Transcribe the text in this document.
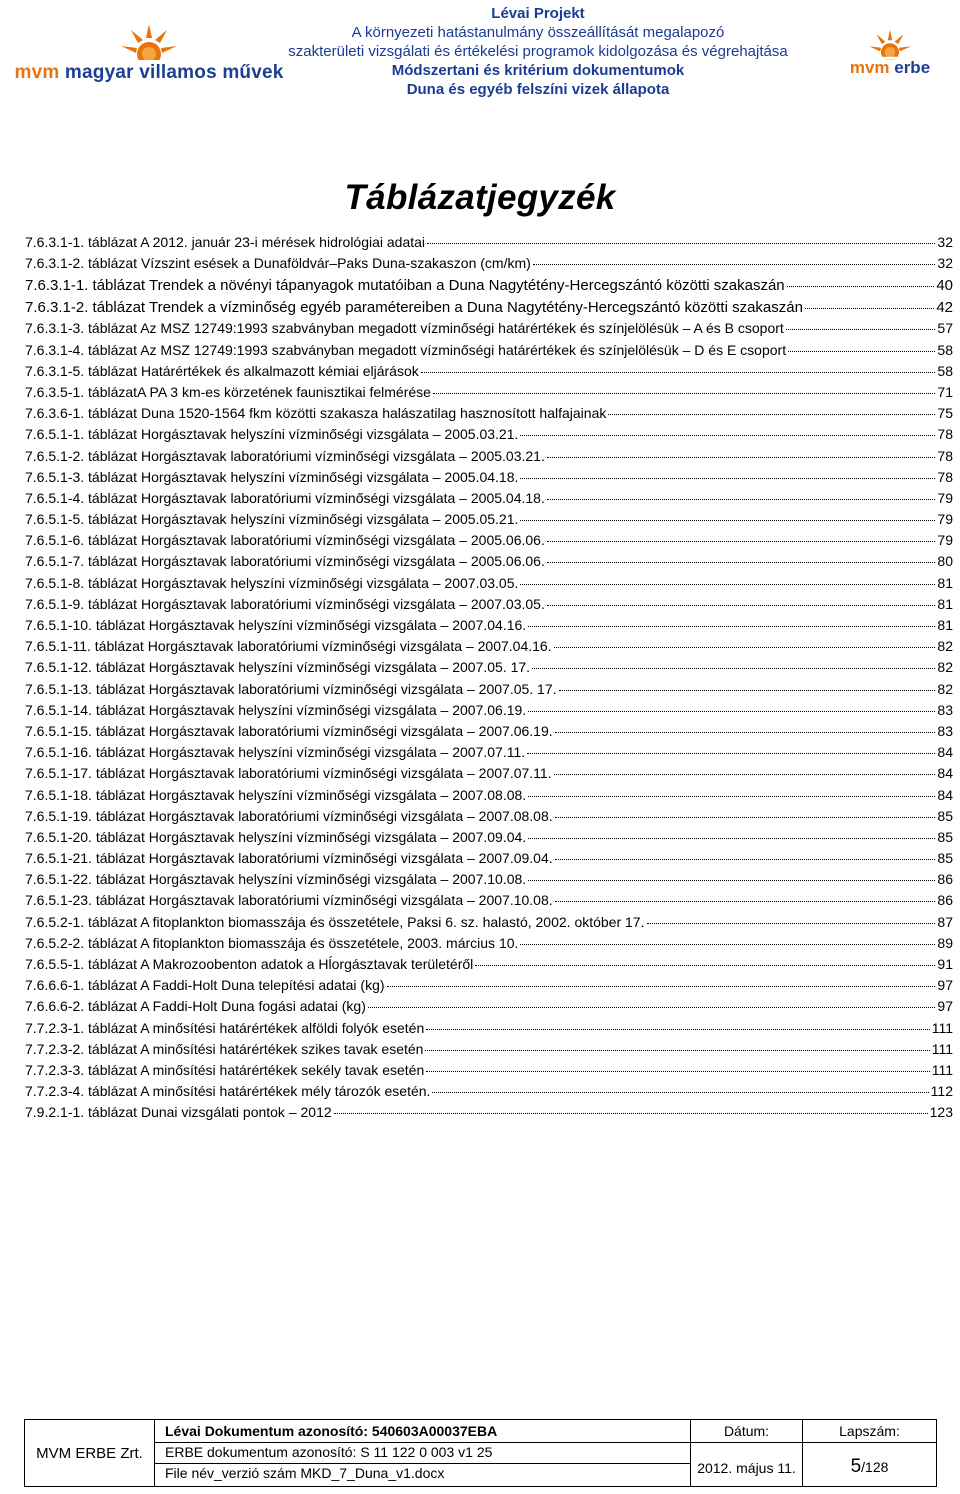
mvm magyar villamos művek
Lévai Projekt
A környezeti hatástanulmány összeállítását megalapozó
szakterületi vizsgálati és értékelési programok kidolgozása és végrehajtása
Módszertani és kritérium dokumentumok
Duna és egyéb felszíni vizek állapota
mvm erbe
Táblázatjegyzék
7.6.3.1-1. táblázat A 2012. január 23-i mérések hidrológiai adatai	32
7.6.3.1-2. táblázat Vízszint esések a Dunaföldvár–Paks Duna-szakaszon (cm/km)	32
7.6.3.1-1. táblázat Trendek a növényi tápanyagok mutatóiban a Duna Nagytétény-Hercegszántó közötti szakaszán	40
7.6.3.1-2. táblázat Trendek a vízminőség egyéb paramétereiben a Duna Nagytétény-Hercegszántó közötti szakaszán	42
7.6.3.1-3. táblázat Az MSZ 12749:1993 szabványban megadott vízminőségi határértékek és színjelölésük – A és B csoport	57
7.6.3.1-4. táblázat Az MSZ 12749:1993 szabványban megadott vízminőségi határértékek és színjelölésük – D és E csoport	58
7.6.3.1-5. táblázat Határértékek és alkalmazott kémiai eljárások	58
7.6.3.5-1. táblázatA PA 3 km-es körzetének faunisztikai felmérése	71
7.6.3.6-1. táblázat Duna 1520-1564 fkm közötti szakasza halászatilag hasznosított halfajainak	75
7.6.5.1-1. táblázat Horgásztavak helyszíni vízminőségi vizsgálata – 2005.03.21.	78
7.6.5.1-2. táblázat Horgásztavak laboratóriumi vízminőségi vizsgálata – 2005.03.21.	78
7.6.5.1-3. táblázat Horgásztavak helyszíni vízminőségi vizsgálata – 2005.04.18.	78
7.6.5.1-4. táblázat Horgásztavak laboratóriumi vízminőségi vizsgálata – 2005.04.18.	79
7.6.5.1-5. táblázat Horgásztavak helyszíni vízminőségi vizsgálata – 2005.05.21.	79
7.6.5.1-6. táblázat Horgásztavak laboratóriumi vízminőségi vizsgálata – 2005.06.06.	79
7.6.5.1-7. táblázat Horgásztavak laboratóriumi vízminőségi vizsgálata – 2005.06.06.	80
7.6.5.1-8. táblázat Horgásztavak helyszíni vízminőségi vizsgálata – 2007.03.05.	81
7.6.5.1-9. táblázat Horgásztavak laboratóriumi vízminőségi vizsgálata – 2007.03.05.	81
7.6.5.1-10. táblázat Horgásztavak helyszíni vízminőségi vizsgálata – 2007.04.16.	81
7.6.5.1-11. táblázat Horgásztavak laboratóriumi vízminőségi vizsgálata – 2007.04.16.	82
7.6.5.1-12. táblázat Horgásztavak helyszíni vízminőségi vizsgálata – 2007.05. 17.	82
7.6.5.1-13. táblázat Horgásztavak laboratóriumi vízminőségi vizsgálata – 2007.05. 17.	82
7.6.5.1-14. táblázat Horgásztavak helyszíni vízminőségi vizsgálata – 2007.06.19.	83
7.6.5.1-15. táblázat Horgásztavak laboratóriumi vízminőségi vizsgálata – 2007.06.19.	83
7.6.5.1-16. táblázat Horgásztavak helyszíni vízminőségi vizsgálata – 2007.07.11.	84
7.6.5.1-17. táblázat Horgásztavak laboratóriumi vízminőségi vizsgálata – 2007.07.11.	84
7.6.5.1-18. táblázat Horgásztavak helyszíni vízminőségi vizsgálata – 2007.08.08.	84
7.6.5.1-19. táblázat Horgásztavak laboratóriumi vízminőségi vizsgálata – 2007.08.08.	85
7.6.5.1-20. táblázat Horgásztavak helyszíni vízminőségi vizsgálata – 2007.09.04.	85
7.6.5.1-21. táblázat Horgásztavak laboratóriumi vízminőségi vizsgálata – 2007.09.04.	85
7.6.5.1-22. táblázat Horgásztavak helyszíni vízminőségi vizsgálata – 2007.10.08.	86
7.6.5.1-23. táblázat Horgásztavak laboratóriumi vízminőségi vizsgálata – 2007.10.08.	86
7.6.5.2-1. táblázat A fitoplankton biomasszája és összetétele, Paksi 6. sz. halastó, 2002. október 17.	87
7.6.5.2-2. táblázat A fitoplankton biomasszája és összetétele, 2003. március 10.	89
7.6.5.5-1. táblázat A Makrozoobenton adatok a Hĺorgásztavak területéről	91
7.6.6.6-1. táblázat A Faddi-Holt Duna telepítési adatai (kg)	97
7.6.6.6-2. táblázat A Faddi-Holt Duna fogási adatai (kg)	97
7.7.2.3-1. táblázat A minősítési határértékek alföldi folyók esetén	111
7.7.2.3-2. táblázat A minősítési határértékek szikes tavak esetén	111
7.7.2.3-3. táblázat A minősítési határértékek sekély tavak esetén	111
7.7.2.3-4. táblázat A minősítési határértékek mély tározók esetén.	112
7.9.2.1-1. táblázat Dunai vizsgálati pontok – 2012	123
MVM ERBE Zrt.
Lévai Dokumentum azonosító: 540603A00037EBA
ERBE dokumentum azonosító: S 11 122 0 003 v1 25
File név_verzió szám MKD_7_Duna_v1.docx
Dátum:
2012. május 11.
Lapszám:
5/128
